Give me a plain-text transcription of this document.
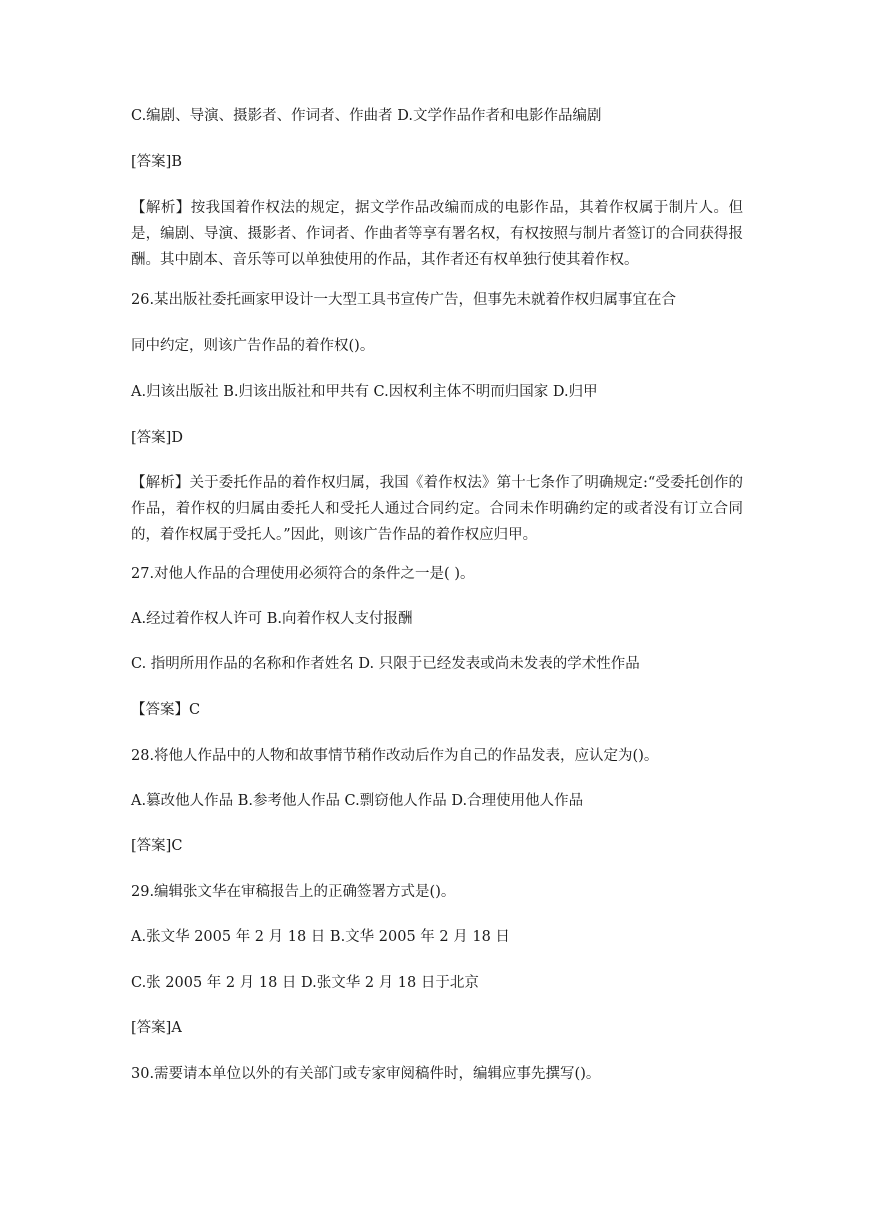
C.编剧、导演、摄影者、作词者、作曲者 D.文学作品作者和电影作品编剧
[答案]B
【解析】按我国着作权法的规定，据文学作品改编而成的电影作品，其着作权属于制片人。但是，编剧、导演、摄影者、作词者、作曲者等享有署名权，有权按照与制片者签订的合同获得报酬。其中剧本、音乐等可以单独使用的作品，其作者还有权单独行使其着作权。
26.某出版社委托画家甲设计一大型工具书宣传广告，但事先未就着作权归属事宜在合
同中约定，则该广告作品的着作权()。
A.归该出版社 B.归该出版社和甲共有 C.因权利主体不明而归国家 D.归甲
[答案]D
【解析】关于委托作品的着作权归属，我国《着作权法》第十七条作了明确规定:“受委托创作的作品，着作权的归属由委托人和受托人通过合同约定。合同未作明确约定的或者没有订立合同的，着作权属于受托人。”因此，则该广告作品的着作权应归甲。
27.对他人作品的合理使用必须符合的条件之一是( )。
A.经过着作权人许可 B.向着作权人支付报酬
C. 指明所用作品的名称和作者姓名 D. 只限于已经发表或尚未发表的学术性作品
【答案】C
28.将他人作品中的人物和故事情节稍作改动后作为自己的作品发表，应认定为()。
A.篡改他人作品 B.参考他人作品 C.剽窃他人作品 D.合理使用他人作品
[答案]C
29.编辑张文华在审稿报告上的正确签署方式是()。
A.张文华 2005 年 2 月 18 日 B.文华 2005 年 2 月 18 日
C.张 2005 年 2 月 18 日 D.张文华 2 月 18 日于北京
[答案]A
30.需要请本单位以外的有关部门或专家审阅稿件时，编辑应事先撰写()。
